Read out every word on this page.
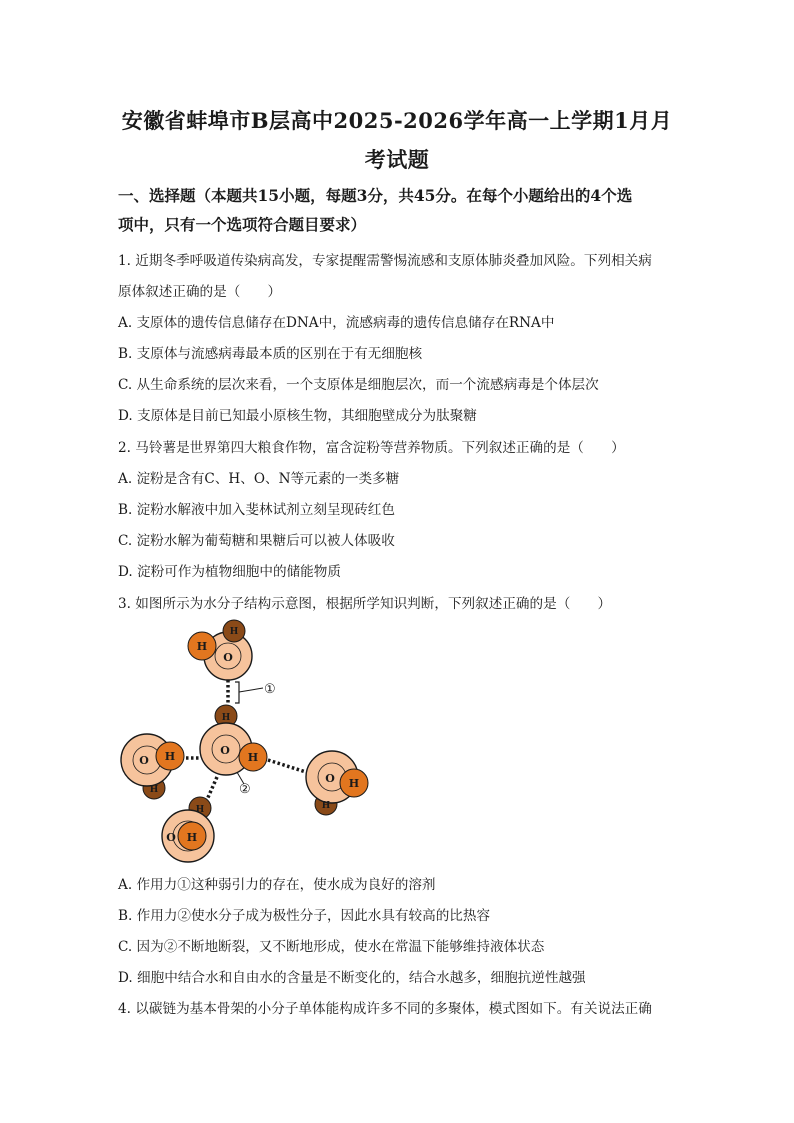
安徽省蚌埠市B层高中2025-2026学年高一上学期1月月
考试题
一、选择题（本题共15小题，每题3分，共45分。在每个小题给出的4个选
项中，只有一个选项符合题目要求）
1. 近期冬季呼吸道传染病高发，专家提醒需警惕流感和支原体肺炎叠加风险。下列相关病
原体叙述正确的是（　　）
A. 支原体的遗传信息储存在DNA中，流感病毒的遗传信息储存在RNA中
B. 支原体与流感病毒最本质的区别在于有无细胞核
C. 从生命系统的层次来看，一个支原体是细胞层次，而一个流感病毒是个体层次
D. 支原体是目前已知最小原核生物，其细胞壁成分为肽聚糖
2. 马铃薯是世界第四大粮食作物，富含淀粉等营养物质。下列叙述正确的是（　　）
A. 淀粉是含有C、H、O、N等元素的一类多糖
B. 淀粉水解液中加入斐林试剂立刻呈现砖红色
C. 淀粉水解为葡萄糖和果糖后可以被人体吸收
D. 淀粉可作为植物细胞中的储能物质
3. 如图所示为水分子结构示意图，根据所学知识判断，下列叙述正确的是（　　）
H
H
O
H
O
H
O H
H
O H
H
H
O H
①
②
A. 作用力①这种弱引力的存在，使水成为良好的溶剂
B. 作用力②使水分子成为极性分子，因此水具有较高的比热容
C. 因为②不断地断裂，又不断地形成，使水在常温下能够维持液体状态
D. 细胞中结合水和自由水的含量是不断变化的，结合水越多，细胞抗逆性越强
4. 以碳链为基本骨架的小分子单体能构成许多不同的多聚体，模式图如下。有关说法正确
